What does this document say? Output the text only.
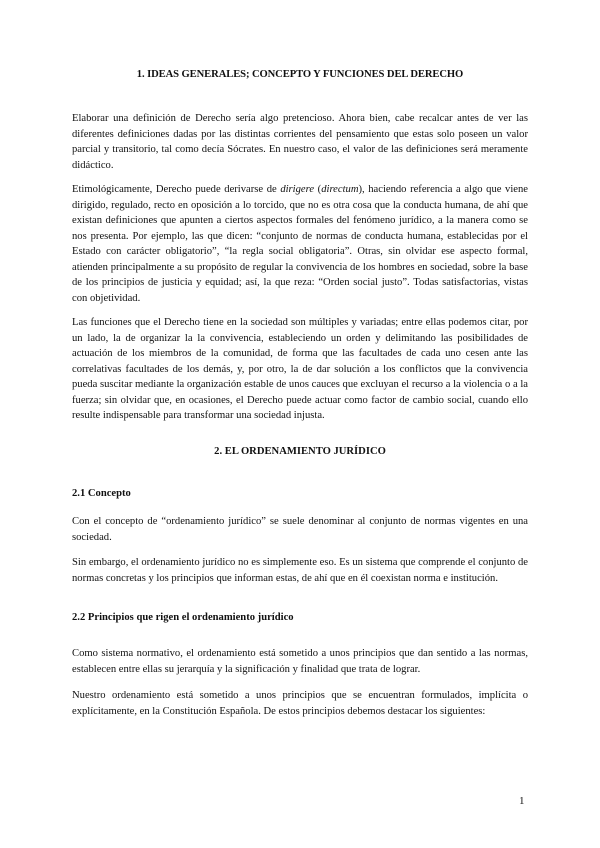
1. IDEAS GENERALES; CONCEPTO Y FUNCIONES DEL DERECHO

Elaborar una definición de Derecho sería algo pretencioso. Ahora bien, cabe recalcar antes de ver las diferentes definiciones dadas por las distintas corrientes del pensamiento que estas solo poseen un valor parcial y transitorio, tal como decía Sócrates. En nuestro caso, el valor de las definiciones será meramente didáctico.

Etimológicamente, Derecho puede derivarse de dirigere (directum), haciendo referencia a algo que viene dirigido, regulado, recto en oposición a lo torcido, que no es otra cosa que la conducta humana, de ahí que existan definiciones que apunten a ciertos aspectos formales del fenómeno jurídico, a la manera como se nos presenta. Por ejemplo, las que dicen: “conjunto de normas de conducta humana, establecidas por el Estado con carácter obligatorio”, “la regla social obligatoria”. Otras, sin olvidar ese aspecto formal, atienden principalmente a su propósito de regular la convivencia de los hombres en sociedad, sobre la base de los principios de justicia y equidad; así, la que reza: “Orden social justo”. Todas satisfactorias, vistas con objetividad.

Las funciones que el Derecho tiene en la sociedad son múltiples y variadas; entre ellas podemos citar, por un lado, la de organizar la la convivencia, estableciendo un orden y delimitando las posibilidades de actuación de los miembros de la comunidad, de forma que las facultades de cada uno cesen ante las correlativas facultades de los demás, y, por otro, la de dar solución a los conflictos que la convivencia pueda suscitar mediante la organización estable de unos cauces que excluyan el recurso a la violencia o a la fuerza; sin olvidar que, en ocasiones, el Derecho puede actuar como factor de cambio social, cuando ello resulte indispensable para transformar una sociedad injusta.

2. EL ORDENAMIENTO JURÍDICO
2.1 Concepto

Con el concepto de “ordenamiento jurídico” se suele denominar al conjunto de normas vigentes en una sociedad.

Sin embargo, el ordenamiento jurídico no es simplemente eso. Es un sistema que comprende el conjunto de normas concretas y los principios que informan estas, de ahí que en él coexistan norma e institución.

2.2 Principios que rigen el ordenamiento jurídico

Como sistema normativo, el ordenamiento está sometido a unos principios que dan sentido a las normas, establecen entre ellas su jerarquía y la significación y finalidad que trata de lograr.

Nuestro ordenamiento está sometido a unos principios que se encuentran formulados, implícita o explícitamente, en la Constitución Española. De estos principios debemos destacar los siguientes:

1
